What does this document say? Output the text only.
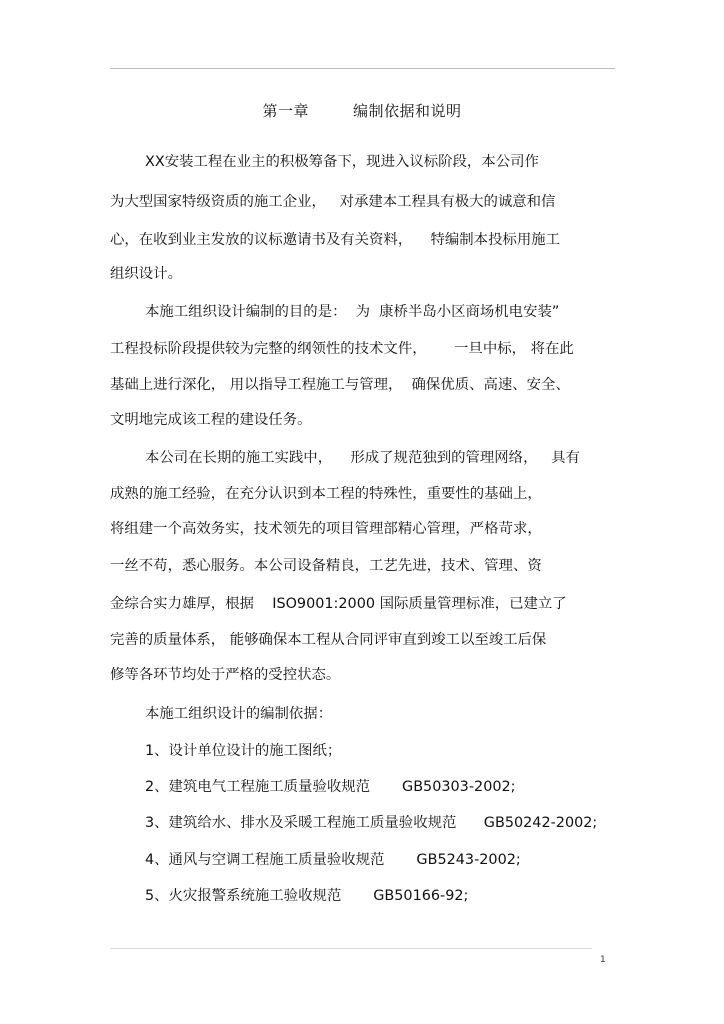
第一章	编制依据和说明
XX安装工程在业主的积极筹备下，现进入议标阶段，本公司作
为大型国家特级资质的施工企业，   对承建本工程具有极大的诚意和信
心，在收到业主发放的议标邀请书及有关资料，    特编制本投标用施工
组织设计。
本施工组织设计编制的目的是：  为  康桥半岛小区商场机电安装”
工程投标阶段提供较为完整的纲领性的技术文件，      一旦中标， 将在此
基础上进行深化， 用以指导工程施工与管理，  确保优质、高速、安全、
文明地完成该工程的建设任务。
本公司在长期的施工实践中，    形成了规范独到的管理网络，   具有
成熟的施工经验，在充分认识到本工程的特殊性，重要性的基础上，
将组建一个高效务实，技术领先的项目管理部精心管理，严格苛求，
一丝不苟，悉心服务。本公司设备精良，工艺先进，技术、管理、资
金综合实力雄厚，根据    ISO9001:2000 国际质量管理标准，已建立了
完善的质量体系， 能够确保本工程从合同评审直到竣工以至竣工后保
修等各环节均处于严格的受控状态。
本施工组织设计的编制依据：
1、设计单位设计的施工图纸；
2、建筑电气工程施工质量验收规范       GB50303-2002;
3、建筑给水、排水及采暖工程施工质量验收规范      GB50242-2002;
4、通风与空调工程施工质量验收规范       GB5243-2002;
5、火灾报警系统施工验收规范       GB50166-92;
1
